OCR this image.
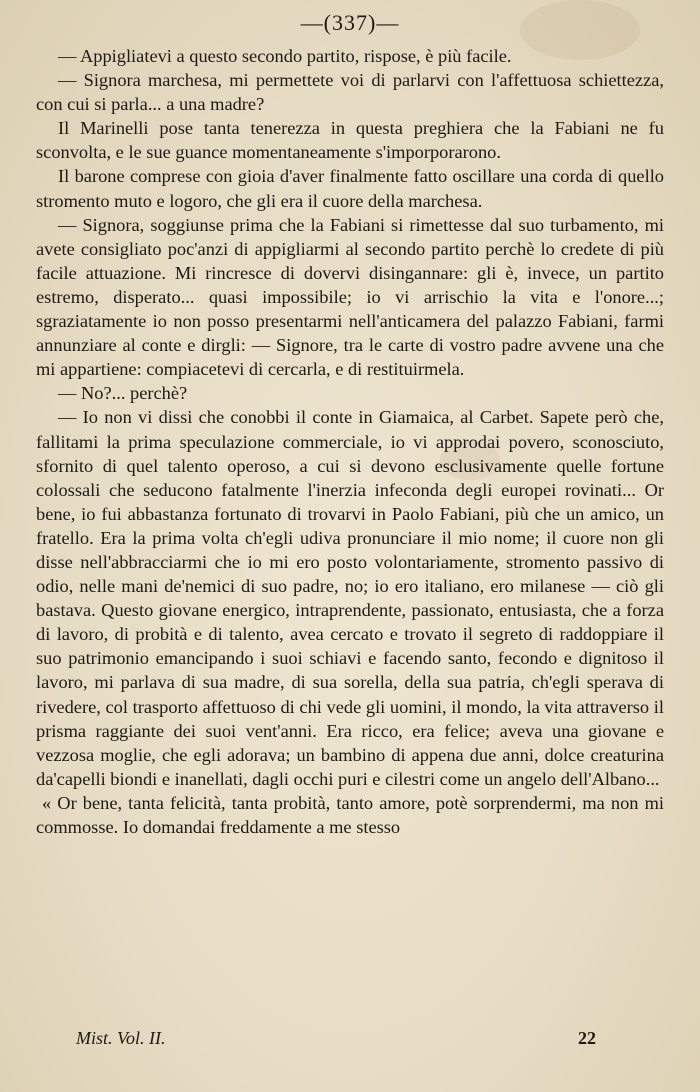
—(337)—

— Appigliatevi a questo secondo partito, rispose, è più facile.

— Signora marchesa, mi permettete voi di parlarvi con l'affettuosa schiettezza, con cui si parla... a una madre?

Il Marinelli pose tanta tenerezza in questa preghiera che la Fabiani ne fu sconvolta, e le sue guance momentaneamente s'imporporarono.

Il barone comprese con gioia d'aver finalmente fatto oscillare una corda di quello stromento muto e logoro, che gli era il cuore della marchesa.

— Signora, soggiunse prima che la Fabiani si rimettesse dal suo turbamento, mi avete consigliato poc'anzi di appigliarmi al secondo partito perchè lo credete di più facile attuazione. Mi rincresce di dovervi disingannare: gli è, invece, un partito estremo, disperato... quasi impossibile; io vi arrischio la vita e l'onore...; sgraziatamente io non posso presentarmi nell'anticamera del palazzo Fabiani, farmi annunziare al conte e dirgli: — Signore, tra le carte di vostro padre avvene una che mi appartiene: compiacetevi di cercarla, e di restituirmela.

— No?... perchè?

— Io non vi dissi che conobbi il conte in Giamaica, al Carbet. Sapete però che, fallitami la prima speculazione commerciale, io vi approdai povero, sconosciuto, sfornito di quel talento operoso, a cui si devono esclusivamente quelle fortune colossali che seducono fatalmente l'inerzia infeconda degli europei rovinati... Or bene, io fui abbastanza fortunato di trovarvi in Paolo Fabiani, più che un amico, un fratello. Era la prima volta ch'egli udiva pronunciare il mio nome; il cuore non gli disse nell'abbracciarmi che io mi ero posto volontariamente, stromento passivo di odio, nelle mani de'nemici di suo padre, no; io ero italiano, ero milanese — ciò gli bastava. Questo giovane energico, intraprendente, passionato, entusiasta, che a forza di lavoro, di probità e di talento, avea cercato e trovato il segreto di raddoppiare il suo patrimonio emancipando i suoi schiavi e facendo santo, fecondo e dignitoso il lavoro, mi parlava di sua madre, di sua sorella, della sua patria, ch'egli sperava di rivedere, col trasporto affettuoso di chi vede gli uomini, il mondo, la vita attraverso il prisma raggiante dei suoi vent'anni. Era ricco, era felice; aveva una giovane e vezzosa moglie, che egli adorava; un bambino di appena due anni, dolce creaturina da'capelli biondi e inanellati, dagli occhi puri e cilestri come un angelo dell'Albano...

« Or bene, tanta felicità, tanta probità, tanto amore, potè sorprendermi, ma non mi commosse. Io domandai freddamente a me stesso

Mist. Vol. II.	22
